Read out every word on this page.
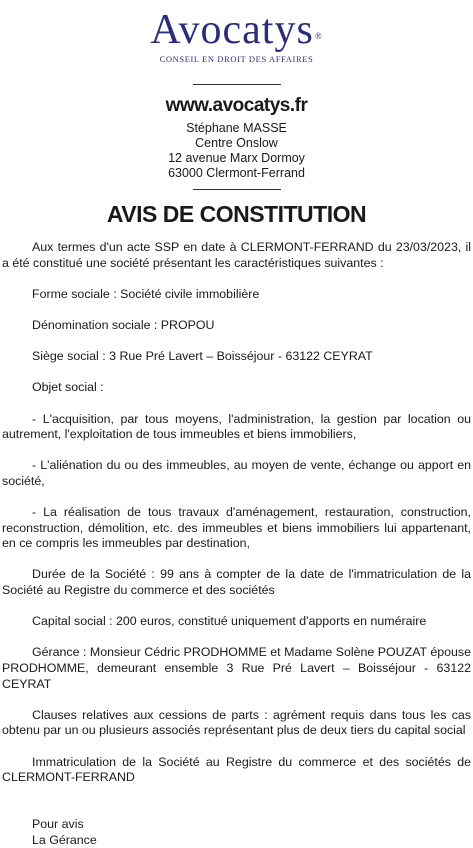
Avocatys®
CONSEIL EN DROIT DES AFFAIRES
www.avocatys.fr
Stéphane MASSE
Centre Onslow
12 avenue Marx Dormoy
63000 Clermont-Ferrand
AVIS DE CONSTITUTION

Aux termes d'un acte SSP en date à CLERMONT-FERRAND du 23/03/2023, il a été constitué une société présentant les caractéristiques suivantes :

Forme sociale : Société civile immobilière

Dénomination sociale : PROPOU

Siège social : 3 Rue Pré Lavert – Boisséjour - 63122 CEYRAT

Objet social :

- L'acquisition, par tous moyens, l'administration, la gestion par location ou autrement, l'exploitation de tous immeubles et biens immobiliers,

- L'aliénation du ou des immeubles, au moyen de vente, échange ou apport en société,

- La réalisation de tous travaux d'aménagement, restauration, construction, reconstruction, démolition, etc. des immeubles et biens immobiliers lui appartenant, en ce compris les immeubles par destination,

Durée de la Société : 99 ans à compter de la date de l'immatriculation de la Société au Registre du commerce et des sociétés

Capital social : 200 euros, constitué uniquement d'apports en numéraire

Gérance : Monsieur Cédric PRODHOMME et Madame Solène POUZAT épouse PRODHOMME, demeurant ensemble 3 Rue Pré Lavert – Boisséjour - 63122 CEYRAT

Clauses relatives aux cessions de parts : agrément requis dans tous les cas obtenu par un ou plusieurs associés représentant plus de deux tiers du capital social

Immatriculation de la Société au Registre du commerce et des sociétés de CLERMONT-FERRAND

Pour avis
La Gérance
